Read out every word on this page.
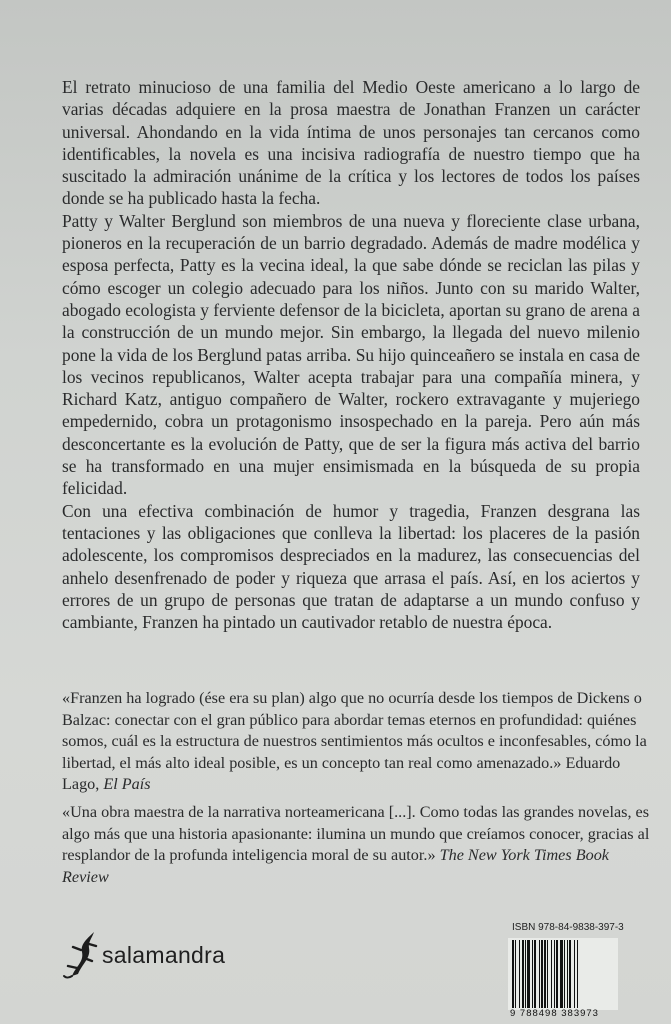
El retrato minucioso de una familia del Medio Oeste americano a lo largo de varias décadas adquiere en la prosa maestra de Jonathan Franzen un carácter universal. Ahondando en la vida íntima de unos personajes tan cercanos como identificables, la novela es una incisiva radiografía de nuestro tiempo que ha suscitado la admiración unánime de la crítica y los lectores de todos los países donde se ha publicado hasta la fecha.

Patty y Walter Berglund son miembros de una nueva y floreciente clase urbana, pioneros en la recuperación de un barrio degradado. Además de madre modélica y esposa perfecta, Patty es la vecina ideal, la que sabe dónde se reciclan las pilas y cómo escoger un colegio adecuado para los niños. Junto con su marido Walter, abogado ecologista y ferviente defensor de la bicicleta, aportan su grano de arena a la construcción de un mundo mejor. Sin embargo, la llegada del nuevo milenio pone la vida de los Berglund patas arriba. Su hijo quinceañero se instala en casa de los vecinos republicanos, Walter acepta trabajar para una compañía minera, y Richard Katz, antiguo compañero de Walter, rockero extravagante y mujeriego empedernido, cobra un protagonismo insospechado en la pareja. Pero aún más desconcertante es la evolución de Patty, que de ser la figura más activa del barrio se ha transformado en una mujer ensimismada en la búsqueda de su propia felicidad.

Con una efectiva combinación de humor y tragedia, Franzen desgrana las tentaciones y las obligaciones que conlleva la libertad: los placeres de la pasión adolescente, los compromisos despreciados en la madurez, las consecuencias del anhelo desenfrenado de poder y riqueza que arrasa el país. Así, en los aciertos y errores de un grupo de personas que tratan de adaptarse a un mundo confuso y cambiante, Franzen ha pintado un cautivador retablo de nuestra época.

«Franzen ha logrado (ése era su plan) algo que no ocurría desde los tiempos de Dickens o Balzac: conectar con el gran público para abordar temas eternos en profundidad: quiénes somos, cuál es la estructura de nuestros sentimientos más ocultos e inconfesables, cómo la libertad, el más alto ideal posible, es un concepto tan real como amenazado.» Eduardo Lago, El País

«Una obra maestra de la narrativa norteamericana [...]. Como todas las grandes novelas, es algo más que una historia apasionante: ilumina un mundo que creíamos conocer, gracias al resplandor de la profunda inteligencia moral de su autor.» The New York Times Book Review

salamandra
ISBN 978-84-9838-397-3
9 788498 383973
